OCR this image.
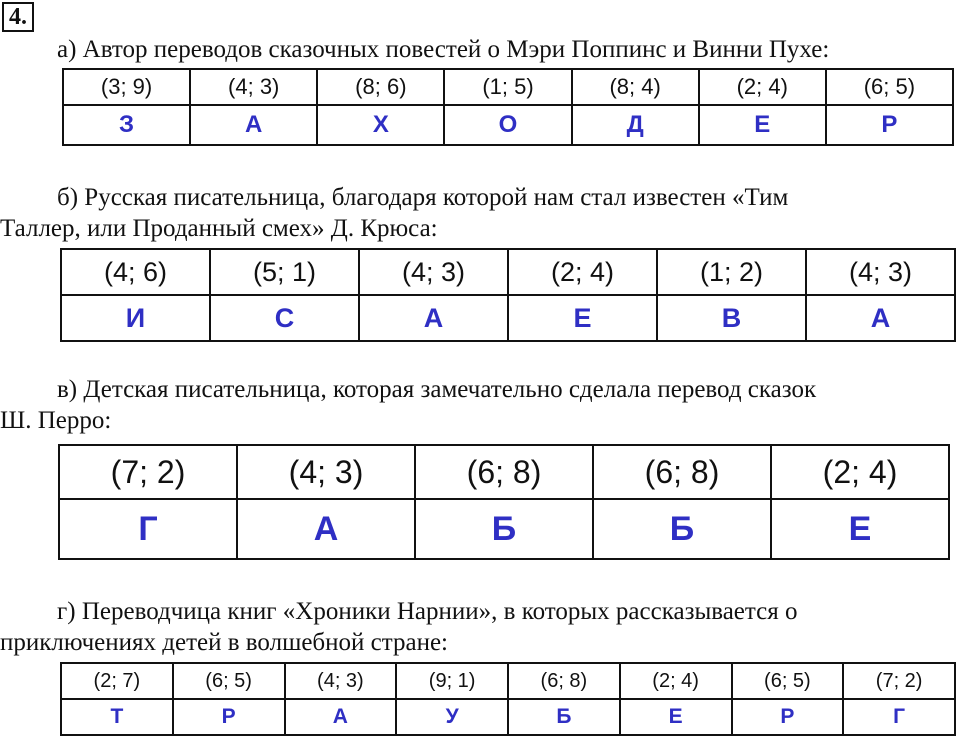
4.

а) Автор переводов сказочных повестей о Мэри Поппинс и Винни Пухе:

(3; 9)	(4; 3)	(8; 6)	(1; 5)	(8; 4)	(2; 4)	(6; 5)
З	А	Х	О	Д	Е	Р

б) Русская писательница, благодаря которой нам стал известен «Тим
Таллер, или Проданный смех» Д. Крюса:

(4; 6)	(5; 1)	(4; 3)	(2; 4)	(1; 2)	(4; 3)
И	С	А	Е	В	А

в) Детская писательница, которая замечательно сделала перевод сказок
Ш. Перро:

(7; 2)	(4; 3)	(6; 8)	(6; 8)	(2; 4)
Г	А	Б	Б	Е

г) Переводчица книг «Хроники Нарнии», в которых рассказывается о
приключениях детей в волшебной стране:

(2; 7)	(6; 5)	(4; 3)	(9; 1)	(6; 8)	(2; 4)	(6; 5)	(7; 2)
Т	Р	А	У	Б	Е	Р	Г
